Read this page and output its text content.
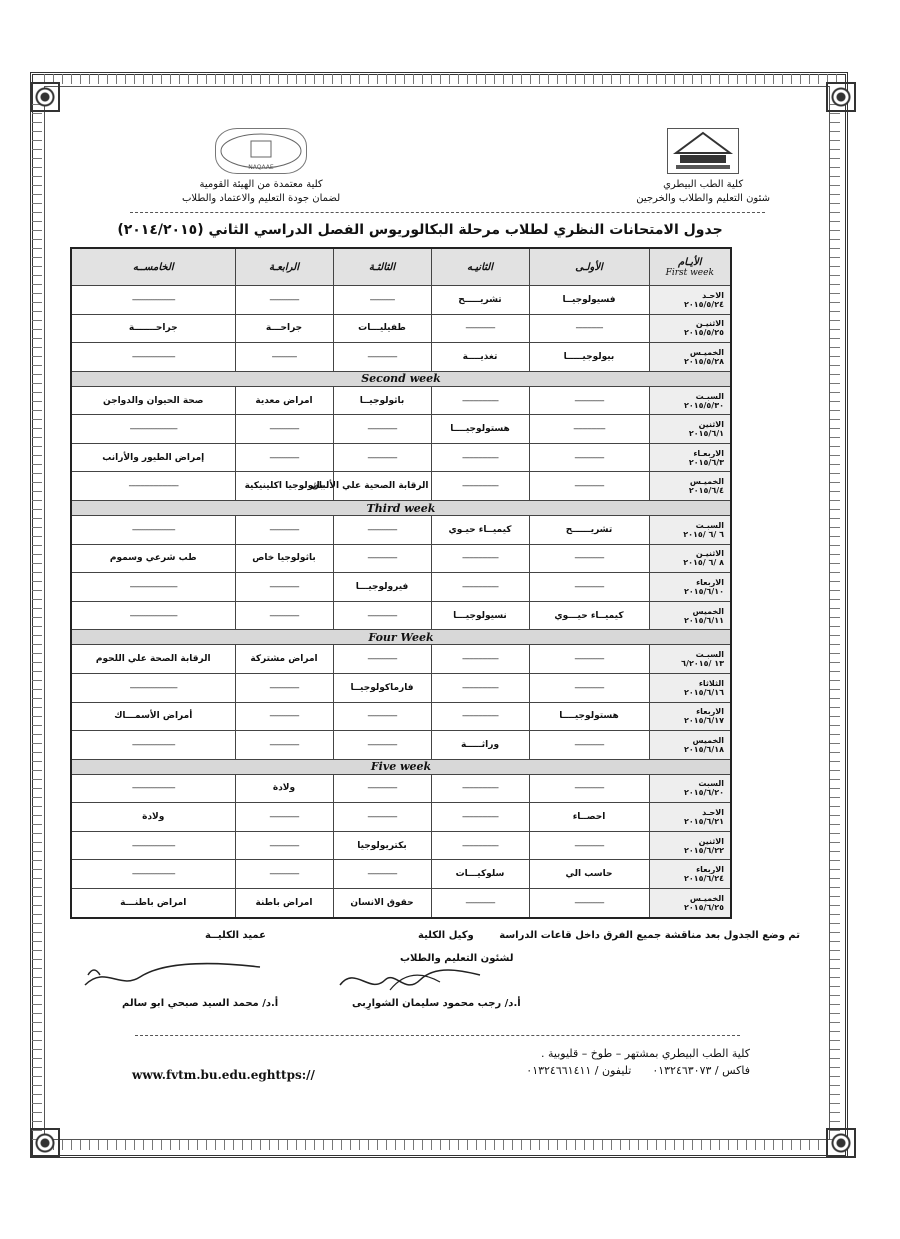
كلية الطب البيطري
شئون التعليم والطلاب والخرجين
NAQAAE
كلية معتمدة من الهيئة القومية
لضمان جودة التعليم والاعتماد والطلاب
جدول الامتحانات النظري لطلاب مرحلة البكالوريوس الفصل الدراسي الثاني (٢٠١٤/٢٠١٥)
الأيـام
First week	الأولـى	الثانيـه	الثالثـة	الرابعـة	الخامســه

الاحـد
٢٠١٥/٥/٢٤	فسيولوجيــا	تشريـــــح	-----------	-------------	-------------------

الاثنيـن
٢٠١٥/٥/٢٥	------------	-------------	طفيليـــات	جراحـــة	جراحـــــــة

الخميـس
٢٠١٥/٥/٢٨	بيولوجيـــــا	تغذيــــة	-------------	-----------	-------------------
Second week					

السبـت
٢٠١٥/٥/٣٠	-------------	----------------	باثولوجيــا	امراض معدية	صحة الحيوان والدواجن

الاثنين
٢٠١٥/٦/١	--------------	هستولوجيــــا	-------------	-------------	---------------------

الاربعـاء
٢٠١٥/٦/٣	-------------	----------------	-------------	-------------	إمراض الطيور والأرانب

الخميـس
٢٠١٥/٦/٤	-------------	----------------	الرقابة الصحية علي الألبان	باثولوجيا اكلينيكية	----------------------
Third week					

السبـت
٦ /٦ /٢٠١٥	تشريــــــح	كيميــاء حيـوي	-------------	-------------	-------------------

الاثنيـن
٨ /٦ /٢٠١٥	-------------	----------------	-------------	باثولوجيا خاص	طب شرعي وسموم

الاربعاء
٢٠١٥/٦/١٠	-------------	----------------	فيرولوجيـــا	-------------	---------------------

الخميس
٢٠١٥/٦/١١	كيميــاء حيـــوي	نسيولوجيـــا	-------------	-------------	---------------------
Four Week					

السبـت
١٣ /٦/٢٠١٥	-------------	----------------	-------------	امراض مشتركة	الرقابة الصحة علي اللحوم

الثلاثاء
٢٠١٥/٦/١٦	-------------	----------------	فارماكولوجيــا	-------------	---------------------

الاربعاء
٢٠١٥/٦/١٧	هستولوجيــــا	----------------	-------------	-------------	أمراض الأسمـــاك

الخميس
٢٠١٥/٦/١٨	-------------	وراثـــــة	-------------	-------------	-------------------
Five week					

السبت
٢٠١٥/٦/٢٠	-------------	----------------	-------------	ولادة	-------------------

الاحـد
٢٠١٥/٦/٢١	احصــاء	----------------	-------------	-------------	ولادة

الاثنين
٢٠١٥/٦/٢٢	-------------	----------------	بكتريولوجيا	-------------	-------------------

الاربعاء
٢٠١٥/٦/٢٤	حاسب الي	سلوكيـــات	-------------	-------------	-------------------

الخميـس
٢٠١٥/٦/٢٥	-------------	-------------	حقوق الانسان	امراض باطنة	امراض باطنـــة
تم وضع الجدول بعد مناقشة جميع الفرق داخل قاعات الدراسة
وكيل الكلية
عميد الكليــة
لشئون التعليم والطلاب
أ.د/ رجب محمود سليمان الشوارِبى
أ.د/ محمد السيد صبحي ابو سالم
كلية الطب البيطري بمشتهر – طوخ – قليوبية .
فاكس / ٠١٣٢٤٦٣٠٧٣      تليفون / ٠١٣٢٤٦٦١٤١١
www.fvtm.bu.edu.eghttps://
